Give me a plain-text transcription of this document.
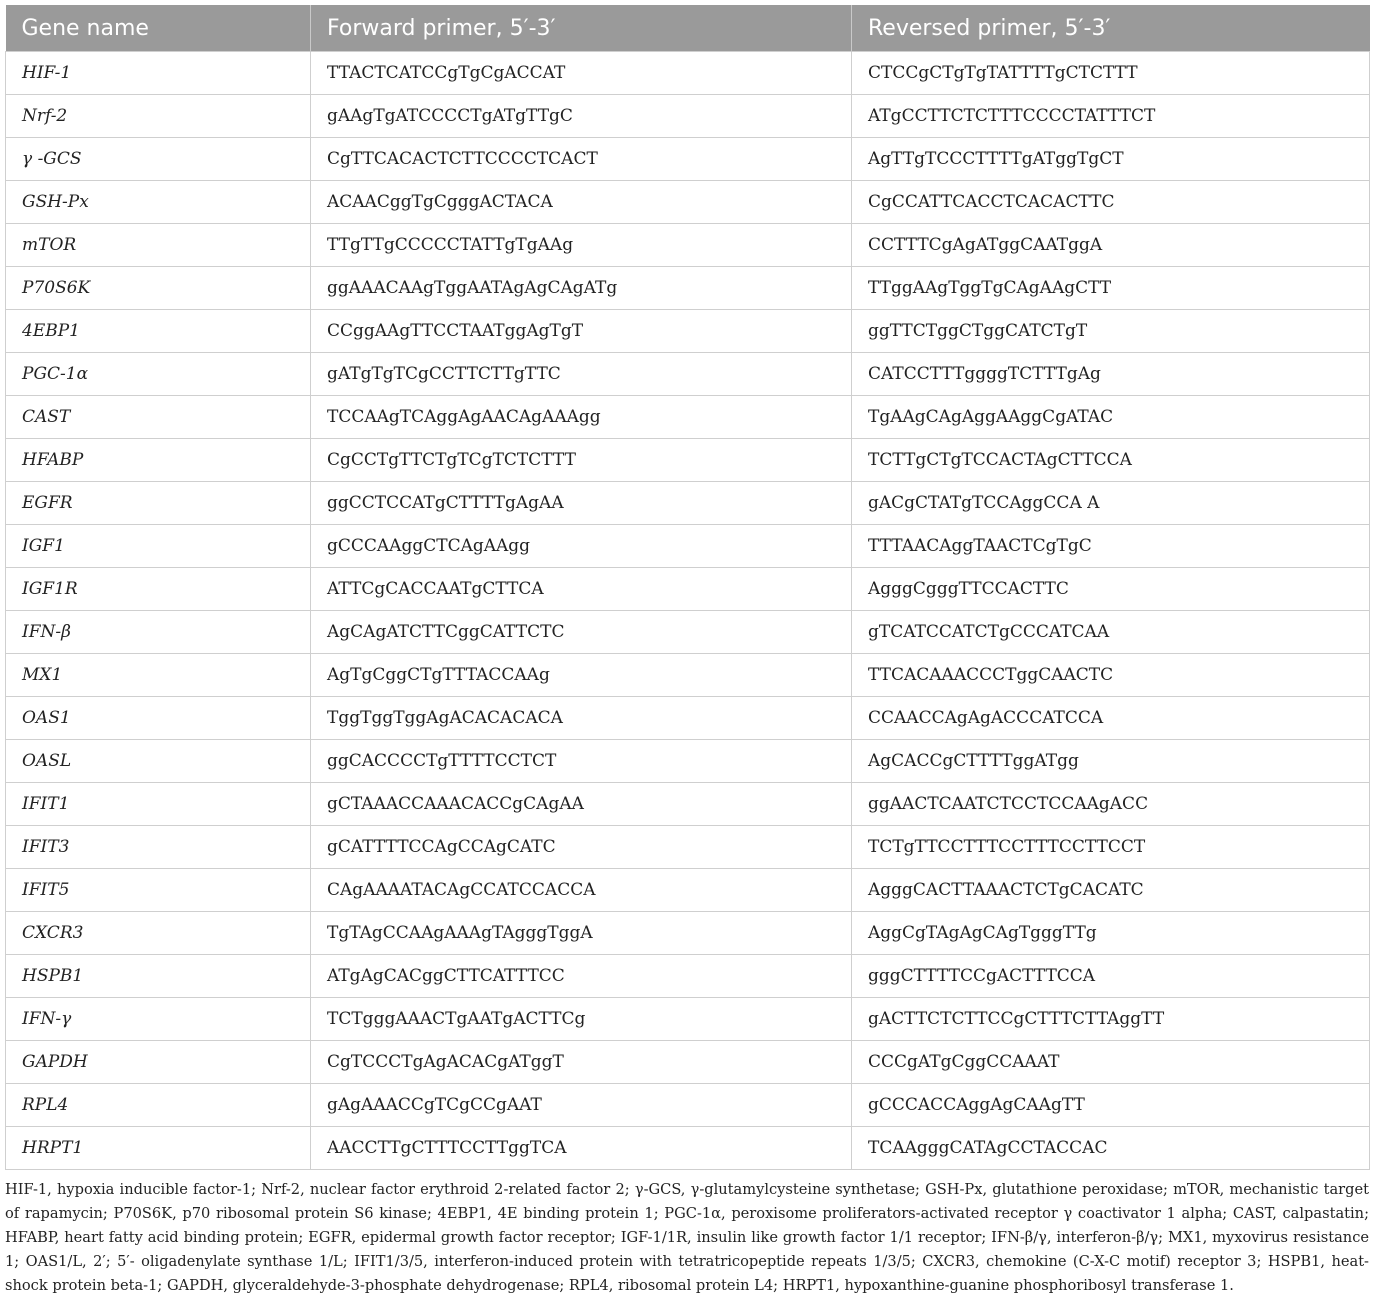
Gene name	Forward primer, 5′-3′	Reversed primer, 5′-3′
HIF-1	TTACTCATCCgTgCgACCAT	CTCCgCTgTgTATTTTgCTCTTT
Nrf-2	gAAgTgATCCCCTgATgTTgC	ATgCCTTCTCTTTCCCCTATTTCT
γ -GCS	CgTTCACACTCTTCCCCTCACT	AgTTgTCCCTTTTgATggTgCT
GSH-Px	ACAACggTgCgggACTACA	CgCCATTCACCTCACACTTC
mTOR	TTgTTgCCCCCTATTgTgAAg	CCTTTCgAgATggCAATggA
P70S6K	ggAAACAAgTggAATAgAgCAgATg	TTggAAgTggTgCAgAAgCTT
4EBP1	CCggAAgTTCCTAATggAgTgT	ggTTCTggCTggCATCTgT
PGC-1α	gATgTgTCgCCTTCTTgTTC	CATCCTTTggggTCTTTgAg
CAST	TCCAAgTCAggAgAACAgAAAgg	TgAAgCAgAggAAggCgATAC
HFABP	CgCCTgTTCTgTCgTCTCTTT	TCTTgCTgTCCACTAgCTTCCA
EGFR	ggCCTCCATgCTTTTgAgAA	gACgCTATgTCCAggCCA A
IGF1	gCCCAAggCTCAgAAgg	TTTAACAggTAACTCgTgC
IGF1R	ATTCgCACCAATgCTTCA	AgggCgggTTCCACTTC
IFN-β	AgCAgATCTTCggCATTCTC	gTCATCCATCTgCCCATCAA
MX1	AgTgCggCTgTTTACCAAg	TTCACAAACCCTggCAACTC
OAS1	TggTggTggAgACACACACA	CCAACCAgAgACCCATCCA
OASL	ggCACCCCTgTTTTCCTCT	AgCACCgCTTTTggATgg
IFIT1	gCTAAACCAAACACCgCAgAA	ggAACTCAATCTCCTCCAAgACC
IFIT3	gCATTTTCCAgCCAgCATC	TCTgTTCCTTTCCTTTCCTTCCT
IFIT5	CAgAAAATACAgCCATCCACCA	AgggCACTTAAACTCTgCACATC
CXCR3	TgTAgCCAAgAAAgTAgggTggA	AggCgTAgAgCAgTgggTTg
HSPB1	ATgAgCACggCTTCATTTCC	gggCTTTTCCgACTTTCCA
IFN-γ	TCTgggAAACTgAATgACTTCg	gACTTCTCTTCCgCTTTCTTAggTT
GAPDH	CgTCCCTgAgACACgATggT	CCCgATgCggCCAAAT
RPL4	gAgAAACCgTCgCCgAAT	gCCCACCAggAgCAAgTT
HRPT1	AACCTTgCTTTCCTTggTCA	TCAAgggCATAgCCTACCAC
HIF-1, hypoxia inducible factor-1; Nrf-2, nuclear factor erythroid 2-related factor 2; γ-GCS, γ-glutamylcysteine synthetase; GSH-Px, glutathione peroxidase; mTOR, mechanistic target of rapamycin; P70S6K, p70 ribosomal protein S6 kinase; 4EBP1, 4E binding protein 1; PGC-1α, peroxisome proliferators-activated receptor γ coactivator 1 alpha; CAST, calpastatin; HFABP, heart fatty acid binding protein; EGFR, epidermal growth factor receptor; IGF-1/1R, insulin like growth factor 1/1 receptor; IFN-β/γ, interferon-β/γ; MX1, myxovirus resistance 1; OAS1/L, 2′; 5′- oligadenylate synthase 1/L; IFIT1/3/5, interferon-induced protein with tetratricopeptide repeats 1/3/5; CXCR3, chemokine (C-X-C motif) receptor 3; HSPB1, heat-shock protein beta-1; GAPDH, glyceraldehyde-3-phosphate dehydrogenase; RPL4, ribosomal protein L4; HRPT1, hypoxanthine-guanine phosphoribosyl transferase 1.
